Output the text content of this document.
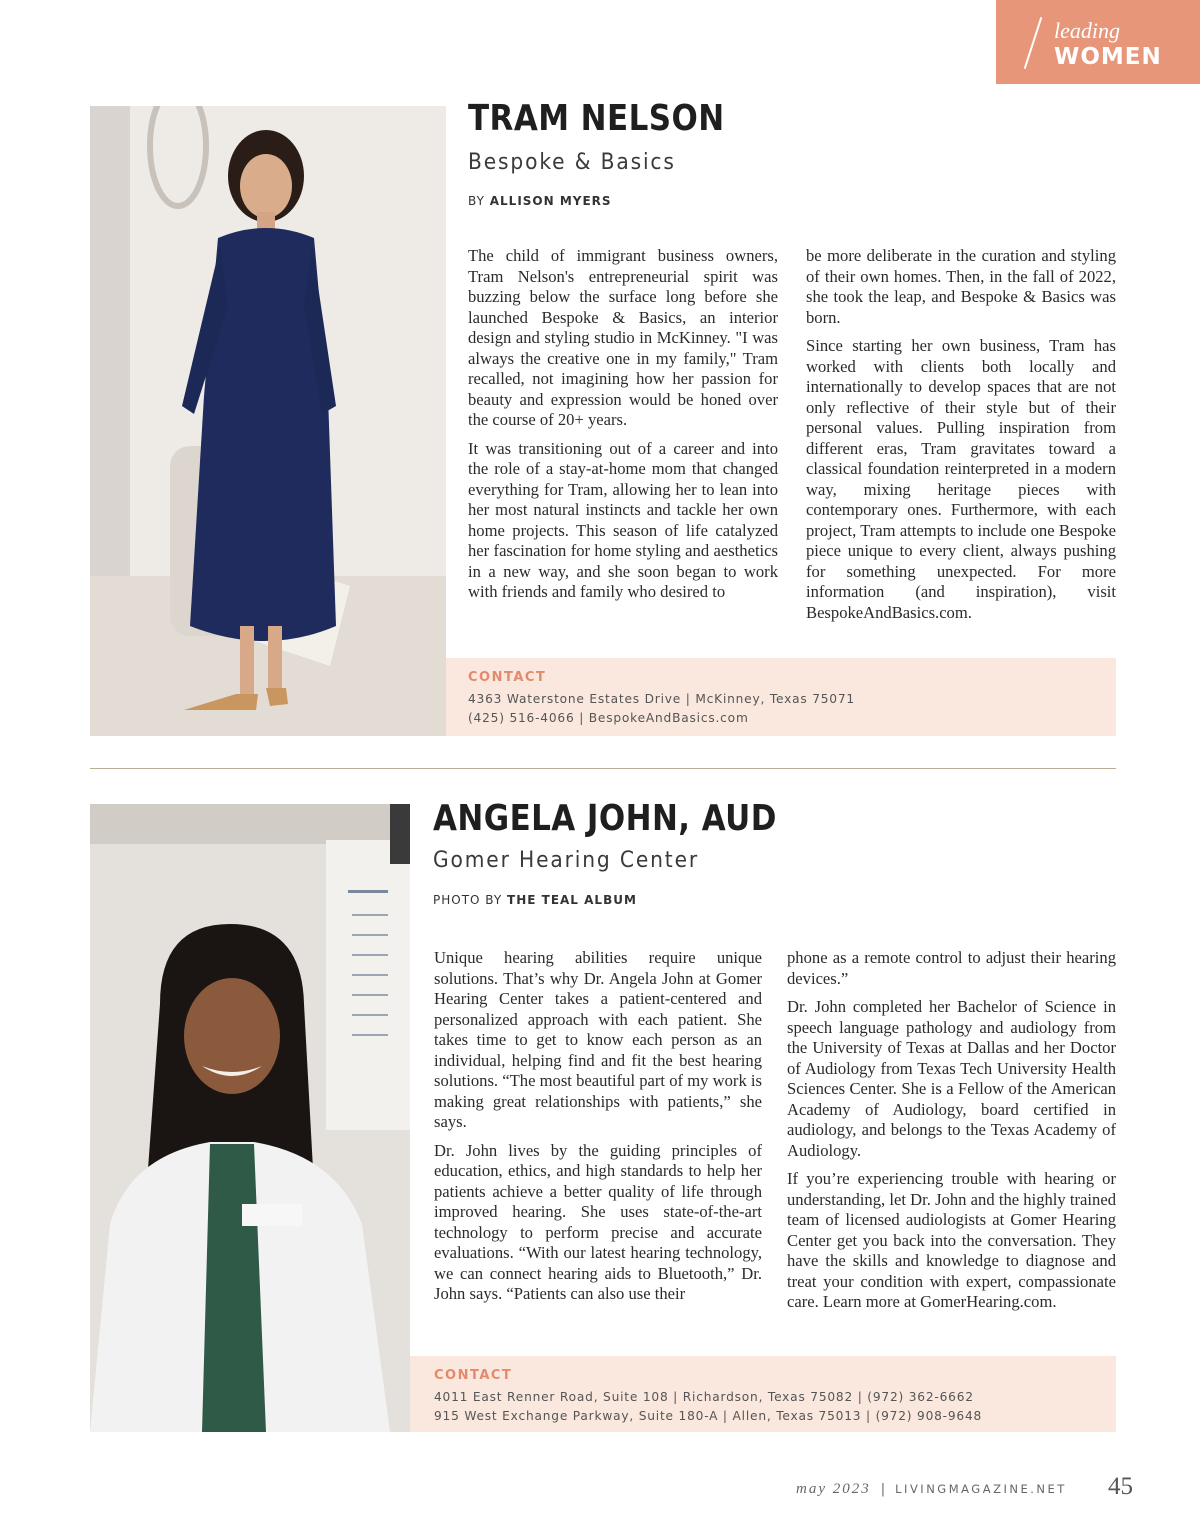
leading
WOMEN
TRAM NELSON
Bespoke & Basics
BY ALLISON MYERS

The child of immigrant business owners, Tram Nelson's entrepreneurial spirit was buzzing below the surface long before she launched Bespoke & Basics, an interior design and styling studio in McKinney. "I was always the creative one in my family," Tram recalled, not imagining how her passion for beauty and expression would be honed over the course of 20+ years.

It was transitioning out of a career and into the role of a stay-at-home mom that changed everything for Tram, allowing her to lean into her most natural instincts and tackle her own home projects. This season of life catalyzed her fascination for home styling and aesthetics in a new way, and she soon began to work with friends and family who desired to

be more deliberate in the curation and styling of their own homes. Then, in the fall of 2022, she took the leap, and Bespoke & Basics was born.

Since starting her own business, Tram has worked with clients both locally and internationally to develop spaces that are not only reflective of their style but of their personal values. Pulling inspiration from different eras, Tram gravitates toward a classical foundation reinterpreted in a modern way, mixing heritage pieces with contemporary ones. Furthermore, with each project, Tram attempts to include one Bespoke piece unique to every client, always pushing for something unexpected. For more information (and inspiration), visit BespokeAndBasics.com.

CONTACT
4363 Waterstone Estates Drive | McKinney, Texas 75071
(425) 516-4066 | BespokeAndBasics.com
ANGELA JOHN, AUD
Gomer Hearing Center
PHOTO BY THE TEAL ALBUM

Unique hearing abilities require unique solutions. That’s why Dr. Angela John at Gomer Hearing Center takes a patient-centered and personalized approach with each patient. She takes time to get to know each person as an individual, helping find and fit the best hearing solutions. “The most beautiful part of my work is making great relationships with patients,” she says.

Dr. John lives by the guiding principles of education, ethics, and high standards to help her patients achieve a better quality of life through improved hearing. She uses state-of-the-art technology to perform precise and accurate evaluations. “With our latest hearing technology, we can connect hearing aids to Bluetooth,” Dr. John says. “Patients can also use their

phone as a remote control to adjust their hearing devices.”

Dr. John completed her Bachelor of Science in speech language pathology and audiology from the University of Texas at Dallas and her Doctor of Audiology from Texas Tech University Health Sciences Center. She is a Fellow of the American Academy of Audiology, board certified in audiology, and belongs to the Texas Academy of Audiology.

If you’re experiencing trouble with hearing or understanding, let Dr. John and the highly trained team of licensed audiologists at Gomer Hearing Center get you back into the conversation. They have the skills and knowledge to diagnose and treat your condition with expert, compassionate care. Learn more at GomerHearing.com.

CONTACT
4011 East Renner Road, Suite 108 | Richardson, Texas 75082 | (972) 362-6662
915 West Exchange Parkway, Suite 180-A | Allen, Texas 75013 | (972) 908-9648
may 2023 | LIVINGMAGAZINE.NET 45
